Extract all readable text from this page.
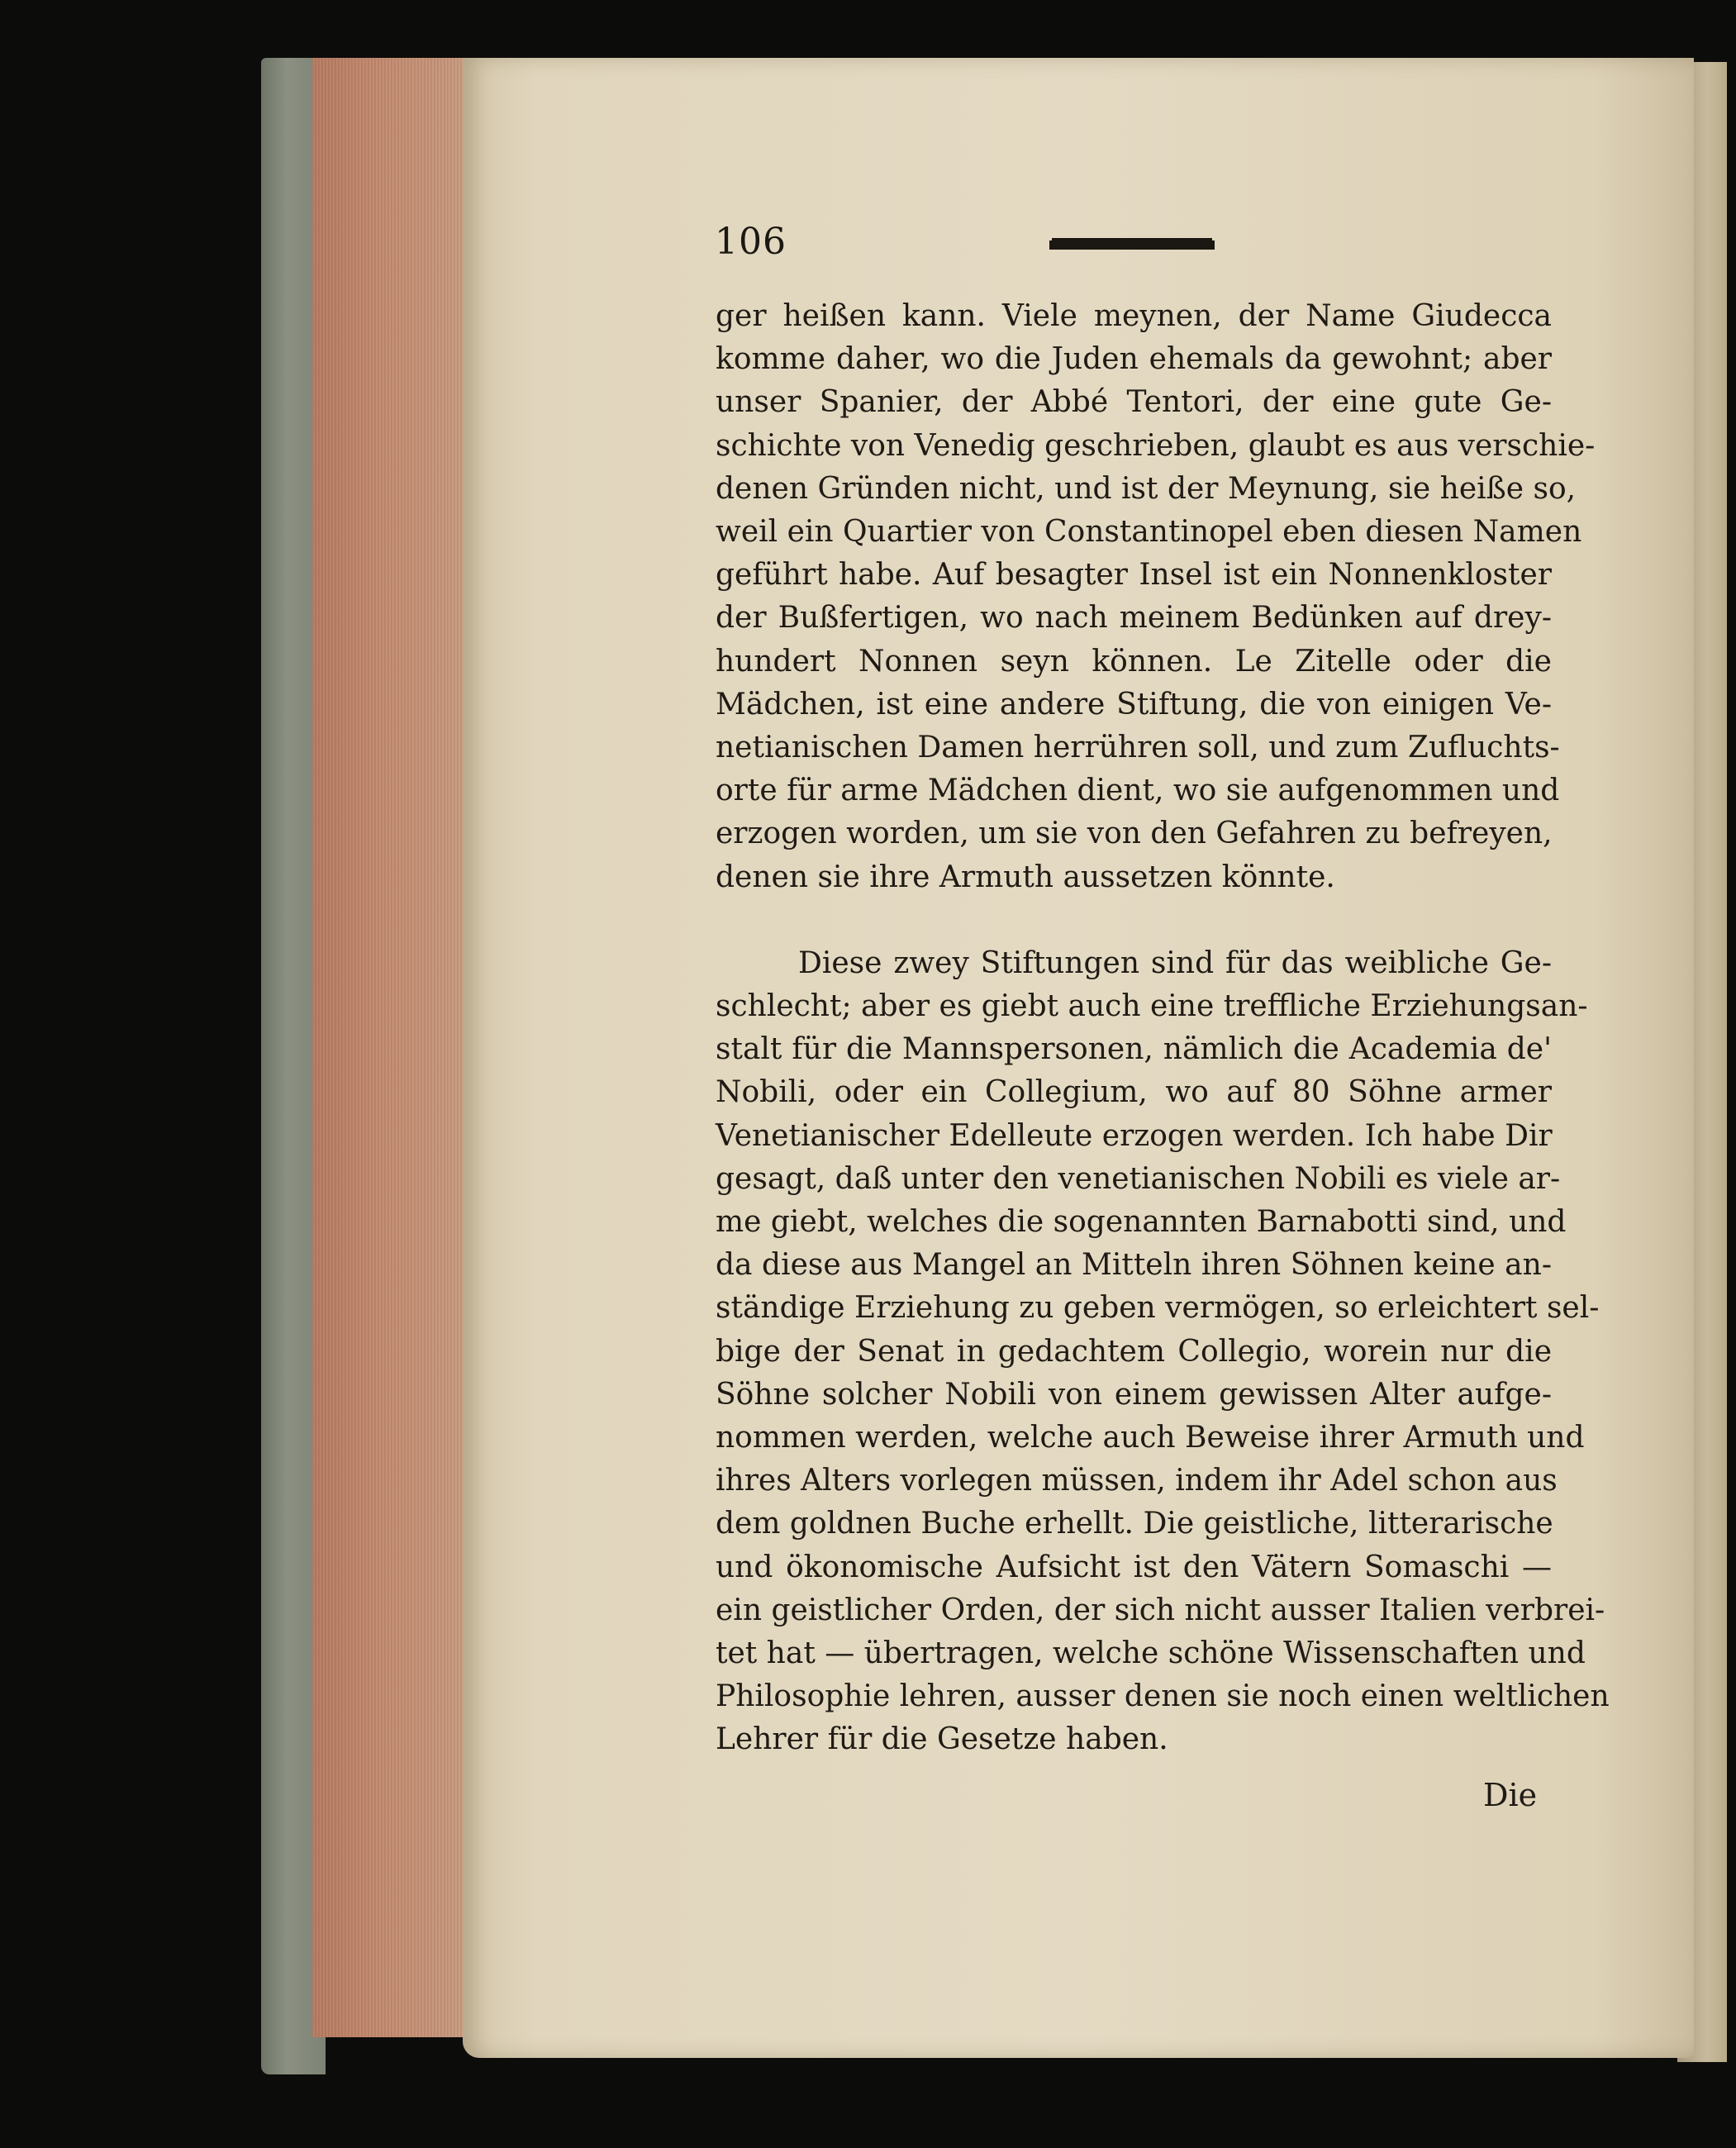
106
ger heißen kann. Viele meynen, der Name Giudecca
komme daher, wo die Juden ehemals da gewohnt; aber
unser Spanier, der Abbé Tentori, der eine gute Ge-
schichte von Venedig geschrieben, glaubt es aus verschie-
denen Gründen nicht, und ist der Meynung, sie heiße so,
weil ein Quartier von Constantinopel eben diesen Namen
geführt habe. Auf besagter Insel ist ein Nonnenkloster
der Bußfertigen, wo nach meinem Bedünken auf drey-
hundert Nonnen seyn können. Le Zitelle oder die
Mädchen, ist eine andere Stiftung, die von einigen Ve-
netianischen Damen herrühren soll, und zum Zufluchts-
orte für arme Mädchen dient, wo sie aufgenommen und
erzogen worden, um sie von den Gefahren zu befreyen,
denen sie ihre Armuth aussetzen könnte.
Diese zwey Stiftungen sind für das weibliche Ge-
schlecht; aber es giebt auch eine treffliche Erziehungsan-
stalt für die Mannspersonen, nämlich die Academia de'
Nobili, oder ein Collegium, wo auf 80 Söhne armer
Venetianischer Edelleute erzogen werden. Ich habe Dir
gesagt, daß unter den venetianischen Nobili es viele ar-
me giebt, welches die sogenannten Barnabotti sind, und
da diese aus Mangel an Mitteln ihren Söhnen keine an-
ständige Erziehung zu geben vermögen, so erleichtert sel-
bige der Senat in gedachtem Collegio, worein nur die
Söhne solcher Nobili von einem gewissen Alter aufge-
nommen werden, welche auch Beweise ihrer Armuth und
ihres Alters vorlegen müssen, indem ihr Adel schon aus
dem goldnen Buche erhellt. Die geistliche, litterarische
und ökonomische Aufsicht ist den Vätern Somaschi —
ein geistlicher Orden, der sich nicht ausser Italien verbrei-
tet hat — übertragen, welche schöne Wissenschaften und
Philosophie lehren, ausser denen sie noch einen weltlichen
Lehrer für die Gesetze haben.
Die
